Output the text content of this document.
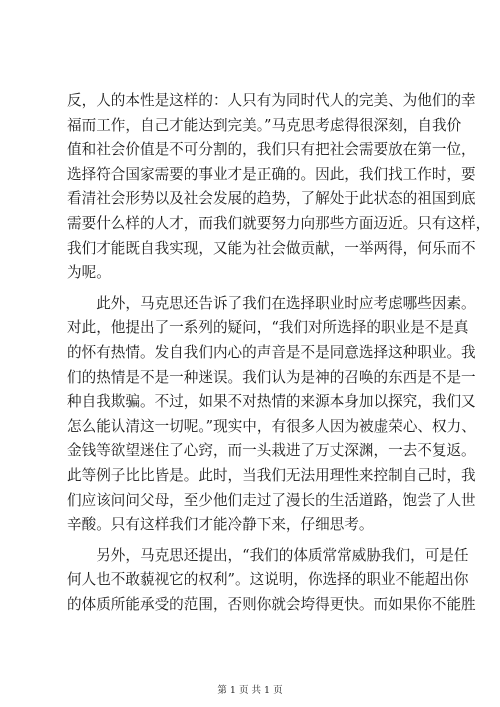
反，人的本性是这样的：人只有为同时代人的完美、为他们的幸
福而工作，自己才能达到完美。”马克思考虑得很深刻，自我价
值和社会价值是不可分割的，我们只有把社会需要放在第一位，
选择符合国家需要的事业才是正确的。因此，我们找工作时，要
看清社会形势以及社会发展的趋势，了解处于此状态的祖国到底
需要什么样的人才，而我们就要努力向那些方面迈近。只有这样，
我们才能既自我实现，又能为社会做贡献，一举两得，何乐而不
为呢。
　　此外，马克思还告诉了我们在选择职业时应考虑哪些因素。
对此，他提出了一系列的疑问，“我们对所选择的职业是不是真
的怀有热情。发自我们内心的声音是不是同意选择这种职业。我
们的热情是不是一种迷误。我们认为是神的召唤的东西是不是一
种自我欺骗。不过，如果不对热情的来源本身加以探究，我们又
怎么能认清这一切呢。”现实中，有很多人因为被虚荣心、权力、
金钱等欲望迷住了心窍，而一头栽进了万丈深渊，一去不复返。
此等例子比比皆是。此时，当我们无法用理性来控制自己时，我
们应该问问父母，至少他们走过了漫长的生活道路，饱尝了人世
辛酸。只有这样我们才能冷静下来，仔细思考。
　　另外，马克思还提出，“我们的体质常常威胁我们，可是任
何人也不敢藐视它的权利”。这说明，你选择的职业不能超出你
的体质所能承受的范围，否则你就会垮得更快。而如果你不能胜
第 1 页 共 1 页
